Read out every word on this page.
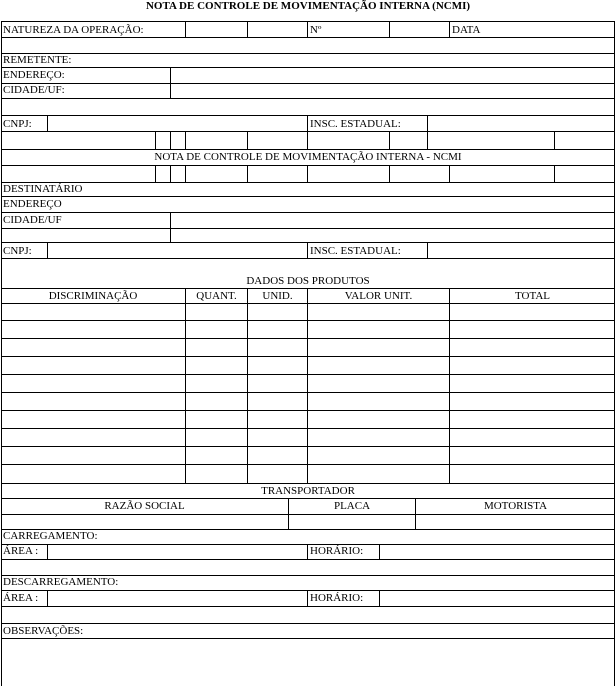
NOTA DE CONTROLE DE MOVIMENTAÇÃO INTERNA (NCMI)
NATUREZA DA OPERAÇÃO:	Nº	DATA
REMETENTE:
ENDEREÇO:
CIDADE/UF:
CNPJ:	INSC. ESTADUAL:
NOTA DE CONTROLE DE MOVIMENTAÇÃO INTERNA - NCMI
DESTINATÁRIO
ENDEREÇO
CIDADE/UF
CNPJ:	INSC. ESTADUAL:
DADOS DOS PRODUTOS
DISCRIMINAÇÃO	QUANT.	UNID.	VALOR UNIT.	TOTAL
TRANSPORTADOR
RAZÃO SOCIAL	PLACA	MOTORISTA
CARREGAMENTO:
ÁREA :	HORÁRIO:
DESCARREGAMENTO:
ÁREA :	HORÁRIO:
OBSERVAÇÕES:
